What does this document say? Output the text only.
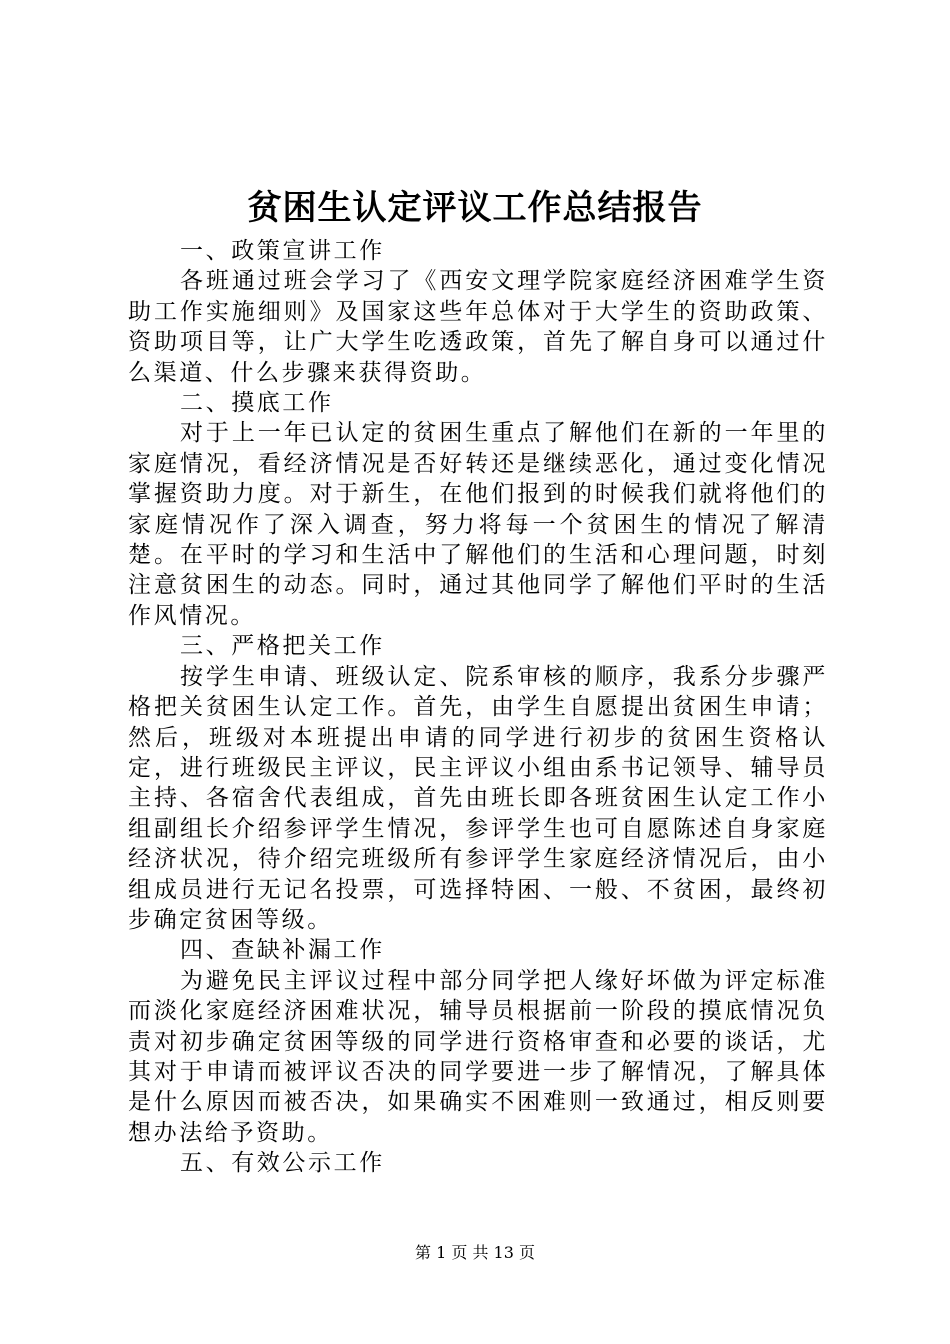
贫困生认定评议工作总结报告
一、政策宣讲工作

各班通过班会学习了《西安文理学院家庭经济困难学生资助工作实施细则》及国家这些年总体对于大学生的资助政策、资助项目等，让广大学生吃透政策，首先了解自身可以通过什么渠道、什么步骤来获得资助。

二、摸底工作

对于上一年已认定的贫困生重点了解他们在新的一年里的家庭情况，看经济情况是否好转还是继续恶化，通过变化情况掌握资助力度。对于新生，在他们报到的时候我们就将他们的家庭情况作了深入调查，努力将每一个贫困生的情况了解清楚。在平时的学习和生活中了解他们的生活和心理问题，时刻注意贫困生的动态。同时，通过其他同学了解他们平时的生活作风情况。

三、严格把关工作

按学生申请、班级认定、院系审核的顺序，我系分步骤严格把关贫困生认定工作。首先，由学生自愿提出贫困生申请；然后，班级对本班提出申请的同学进行初步的贫困生资格认定，进行班级民主评议，民主评议小组由系书记领导、辅导员主持、各宿舍代表组成，首先由班长即各班贫困生认定工作小组副组长介绍参评学生情况，参评学生也可自愿陈述自身家庭经济状况，待介绍完班级所有参评学生家庭经济情况后，由小组成员进行无记名投票，可选择特困、一般、不贫困，最终初步确定贫困等级。

四、查缺补漏工作

为避免民主评议过程中部分同学把人缘好坏做为评定标准而淡化家庭经济困难状况，辅导员根据前一阶段的摸底情况负责对初步确定贫困等级的同学进行资格审查和必要的谈话，尤其对于申请而被评议否决的同学要进一步了解情况，了解具体是什么原因而被否决，如果确实不困难则一致通过，相反则要想办法给予资助。

五、有效公示工作
第 1 页 共 13 页
